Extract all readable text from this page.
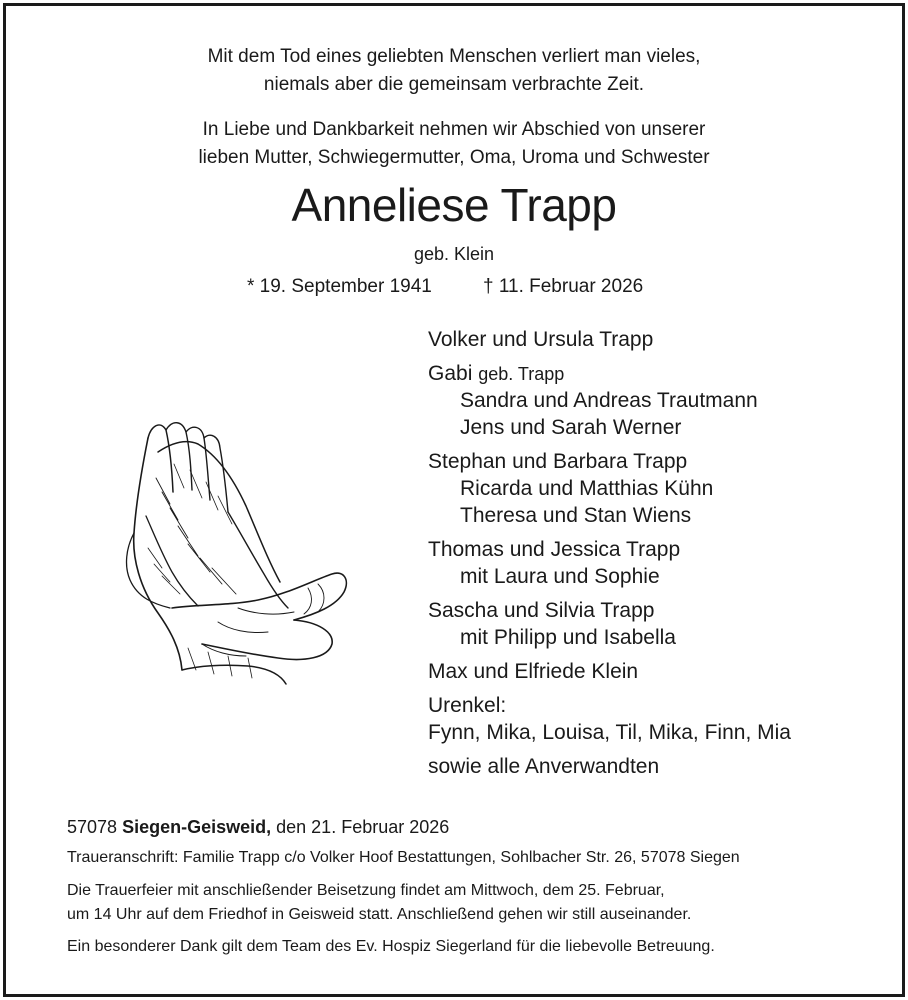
Mit dem Tod eines geliebten Menschen verliert man vieles,
niemals aber die gemeinsam verbrachte Zeit.
In Liebe und Dankbarkeit nehmen wir Abschied von unserer
lieben Mutter, Schwiegermutter, Oma, Uroma und Schwester
Anneliese Trapp
geb. Klein
* 19. September 1941	† 11. Februar 2026
Volker und Ursula Trapp
Gabi geb. Trapp
Sandra und Andreas Trautmann
Jens und Sarah Werner
Stephan und Barbara Trapp
Ricarda und Matthias Kühn
Theresa und Stan Wiens
Thomas und Jessica Trapp
mit Laura und Sophie
Sascha und Silvia Trapp
mit Philipp und Isabella
Max und Elfriede Klein
Urenkel:
Fynn, Mika, Louisa, Til, Mika, Finn, Mia
sowie alle Anverwandten
57078 Siegen-Geisweid, den 21. Februar 2026
Traueranschrift: Familie Trapp c/o Volker Hoof Bestattungen, Sohlbacher Str. 26, 57078 Siegen
Die Trauerfeier mit anschließender Beisetzung findet am Mittwoch, dem 25. Februar,
um 14 Uhr auf dem Friedhof in Geisweid statt. Anschließend gehen wir still auseinander.
Ein besonderer Dank gilt dem Team des Ev. Hospiz Siegerland für die liebevolle Betreuung.
